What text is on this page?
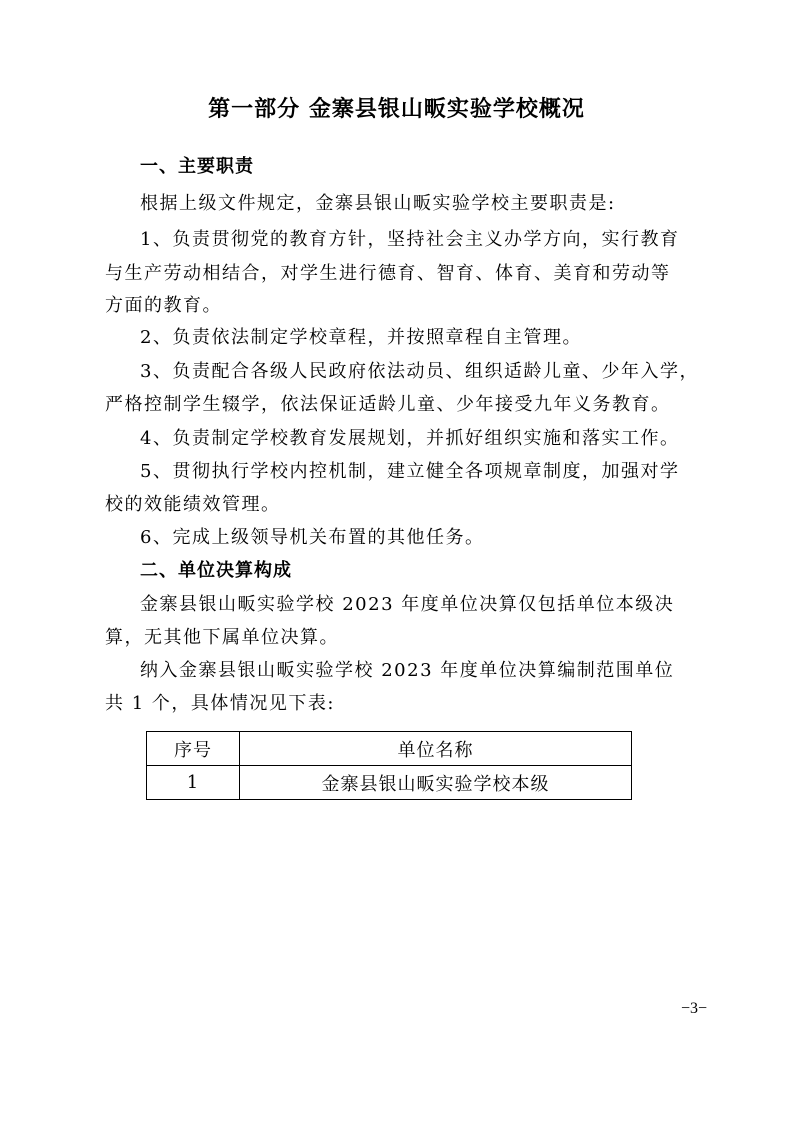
第一部分 金寨县银山畈实验学校概况
一、主要职责
根据上级文件规定，金寨县银山畈实验学校主要职责是:
1、负责贯彻党的教育方针，坚持社会主义办学方向，实行教育
与生产劳动相结合，对学生进行德育、智育、体育、美育和劳动等
方面的教育。
2、负责依法制定学校章程，并按照章程自主管理。
3、负责配合各级人民政府依法动员、组织适龄儿童、少年入学，
严格控制学生辍学，依法保证适龄儿童、少年接受九年义务教育。
4、负责制定学校教育发展规划，并抓好组织实施和落实工作。
5、贯彻执行学校内控机制，建立健全各项规章制度，加强对学
校的效能绩效管理。
6、完成上级领导机关布置的其他任务。
二、单位决算构成
金寨县银山畈实验学校 2023 年度单位决算仅包括单位本级决
算，无其他下属单位决算。
纳入金寨县银山畈实验学校 2023 年度单位决算编制范围单位
共 1 个，具体情况见下表:
序号	单位名称
1	金寨县银山畈实验学校本级
−3−
